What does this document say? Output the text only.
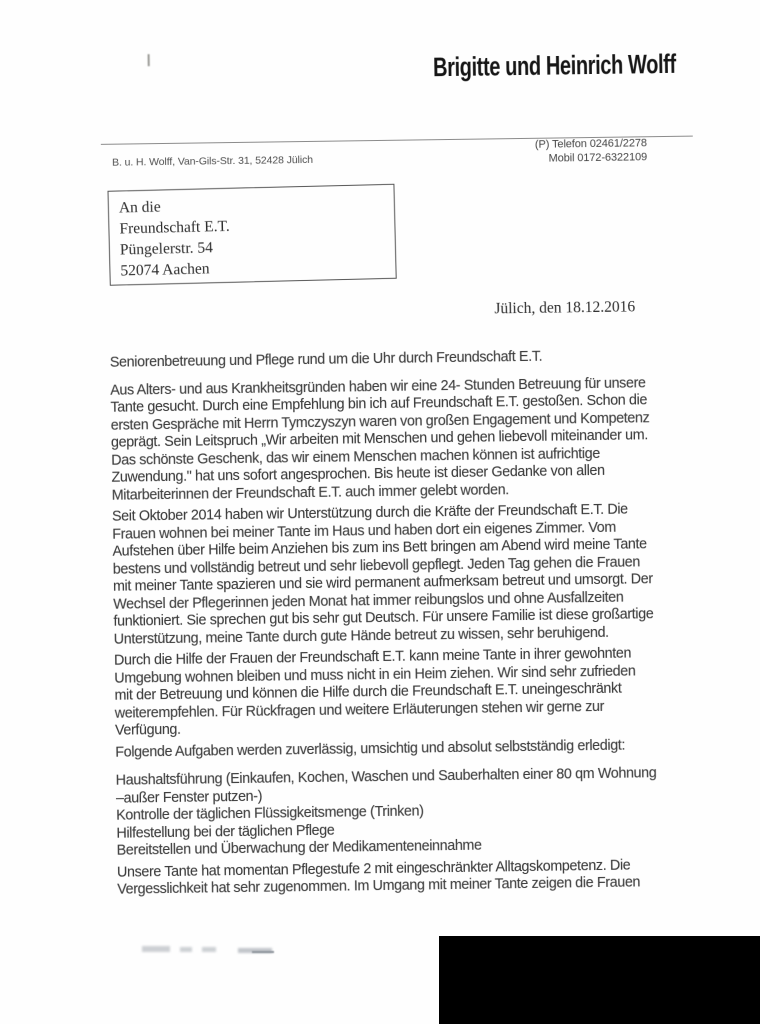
Brigitte und Heinrich Wolff
(P) Telefon 02461/2278
Mobil 0172-6322109
B. u. H. Wolff, Van-Gils-Str. 31, 52428 Jülich
An die
Freundschaft E.T.
Püngelerstr. 54
52074 Aachen
Jülich, den 18.12.2016
Seniorenbetreuung und Pflege rund um die Uhr durch Freundschaft E.T.
Aus Alters- und aus Krankheitsgründen haben wir eine 24- Stunden Betreuung für unsere
Tante gesucht. Durch eine Empfehlung bin ich auf Freundschaft E.T. gestoßen. Schon die
ersten Gespräche mit Herrn Tymczyszyn waren von großen Engagement und Kompetenz
geprägt. Sein Leitspruch „Wir arbeiten mit Menschen und gehen liebevoll miteinander um.
Das schönste Geschenk, das wir einem Menschen machen können ist aufrichtige
Zuwendung." hat uns sofort angesprochen. Bis heute ist dieser Gedanke von allen
Mitarbeiterinnen der Freundschaft E.T. auch immer gelebt worden.
Seit Oktober 2014 haben wir Unterstützung durch die Kräfte der Freundschaft E.T. Die
Frauen wohnen bei meiner Tante im Haus und haben dort ein eigenes Zimmer. Vom
Aufstehen über Hilfe beim Anziehen bis zum ins Bett bringen am Abend wird meine Tante
bestens und vollständig betreut und sehr liebevoll gepflegt. Jeden Tag gehen die Frauen
mit meiner Tante spazieren und sie wird permanent aufmerksam betreut und umsorgt. Der
Wechsel der Pflegerinnen jeden Monat hat immer reibungslos und ohne Ausfallzeiten
funktioniert. Sie sprechen gut bis sehr gut Deutsch. Für unsere Familie ist diese großartige
Unterstützung, meine Tante durch gute Hände betreut zu wissen, sehr beruhigend.
Durch die Hilfe der Frauen der Freundschaft E.T. kann meine Tante in ihrer gewohnten
Umgebung wohnen bleiben und muss nicht in ein Heim ziehen. Wir sind sehr zufrieden
mit der Betreuung und können die Hilfe durch die Freundschaft E.T. uneingeschränkt
weiterempfehlen. Für Rückfragen und weitere Erläuterungen stehen wir gerne zur
Verfügung.
Folgende Aufgaben werden zuverlässig, umsichtig und absolut selbstständig erledigt:
Haushaltsführung (Einkaufen, Kochen, Waschen und Sauberhalten einer 80 qm Wohnung
–außer Fenster putzen-)
Kontrolle der täglichen Flüssigkeitsmenge (Trinken)
Hilfestellung bei der täglichen Pflege
Bereitstellen und Überwachung der Medikamenteneinnahme
Unsere Tante hat momentan Pflegestufe 2 mit eingeschränkter Alltagskompetenz. Die
Vergesslichkeit hat sehr zugenommen. Im Umgang mit meiner Tante zeigen die Frauen
